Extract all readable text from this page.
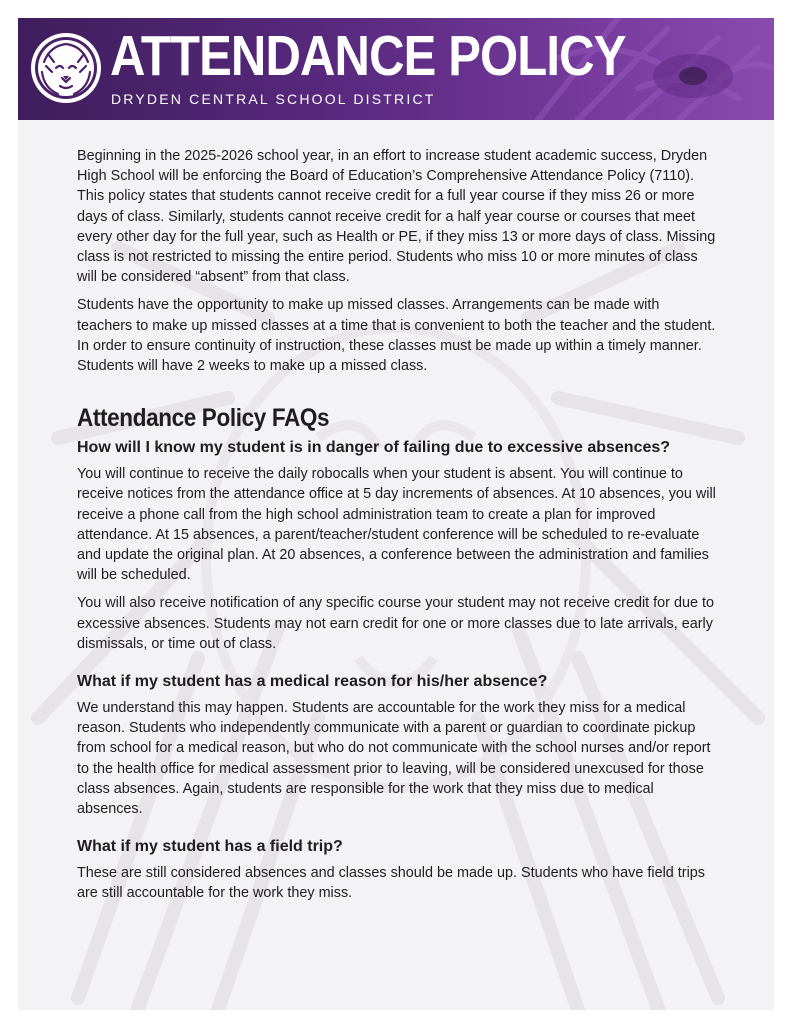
ATTENDANCE POLICY
DRYDEN CENTRAL SCHOOL DISTRICT

Beginning in the 2025-2026 school year, in an effort to increase student academic success, Dryden High School will be enforcing the Board of Education’s Comprehensive Attendance Policy (7110). This policy states that students cannot receive credit for a full year course if they miss 26 or more days of class. Similarly, students cannot receive credit for a half year course or courses that meet every other day for the full year, such as Health or PE, if they miss 13 or more days of class. Missing class is not restricted to missing the entire period. Students who miss 10 or more minutes of class will be considered “absent” from that class.

Students have the opportunity to make up missed classes. Arrangements can be made with teachers to make up missed classes at a time that is convenient to both the teacher and the student. In order to ensure continuity of instruction, these classes must be made up within a timely manner. Students will have 2 weeks to make up a missed class.

Attendance Policy FAQs
How will I know my student is in danger of failing due to excessive absences?

You will continue to receive the daily robocalls when your student is absent. You will continue to receive notices from the attendance office at 5 day increments of absences. At 10 absences, you will receive a phone call from the high school administration team to create a plan for improved attendance. At 15 absences, a parent/teacher/student conference will be scheduled to re-evaluate and update the original plan. At 20 absences, a conference between the administration and families will be scheduled.

You will also receive notification of any specific course your student may not receive credit for due to excessive absences. Students may not earn credit for one or more classes due to late arrivals, early dismissals, or time out of class.

What if my student has a medical reason for his/her absence?

We understand this may happen. Students are accountable for the work they miss for a medical reason. Students who independently communicate with a parent or guardian to coordinate pickup from school for a medical reason, but who do not communicate with the school nurses and/or report to the health office for medical assessment prior to leaving, will be considered unexcused for those class absences. Again, students are responsible for the work that they miss due to medical absences.

What if my student has a field trip?

These are still considered absences and classes should be made up. Students who have field trips are still accountable for the work they miss.
